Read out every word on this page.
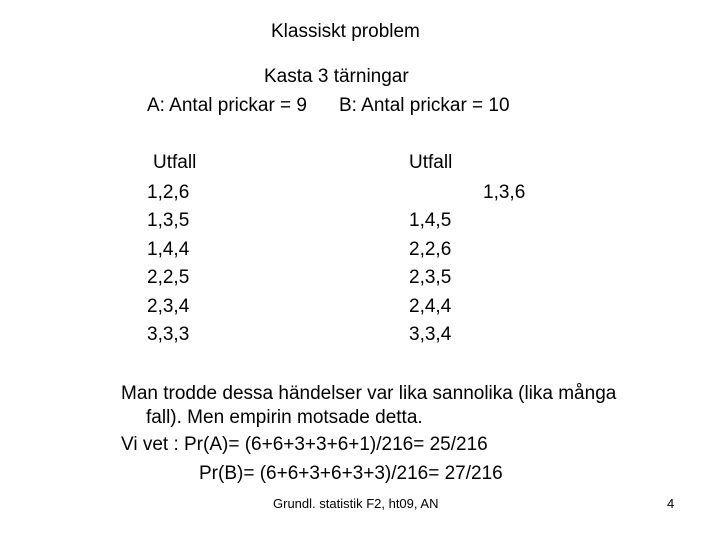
Klassiskt problem
Kasta 3 tärningar
A: Antal prickar = 9 B: Antal prickar = 10
Utfall
1,2,6
1,3,5
1,4,4
2,2,5
2,3,4
3,3,3
Utfall
1,3,6
1,4,5
2,2,6
2,3,5
2,4,4
3,3,4
Man trodde dessa händelser var lika sannolika (lika många
fall). Men empirin motsade detta.
Vi vet : Pr(A)= (6+6+3+3+6+1)/216= 25/216
Pr(B)= (6+6+3+6+3+3)/216= 27/216
Grundl. statistik F2, ht09, AN	4
